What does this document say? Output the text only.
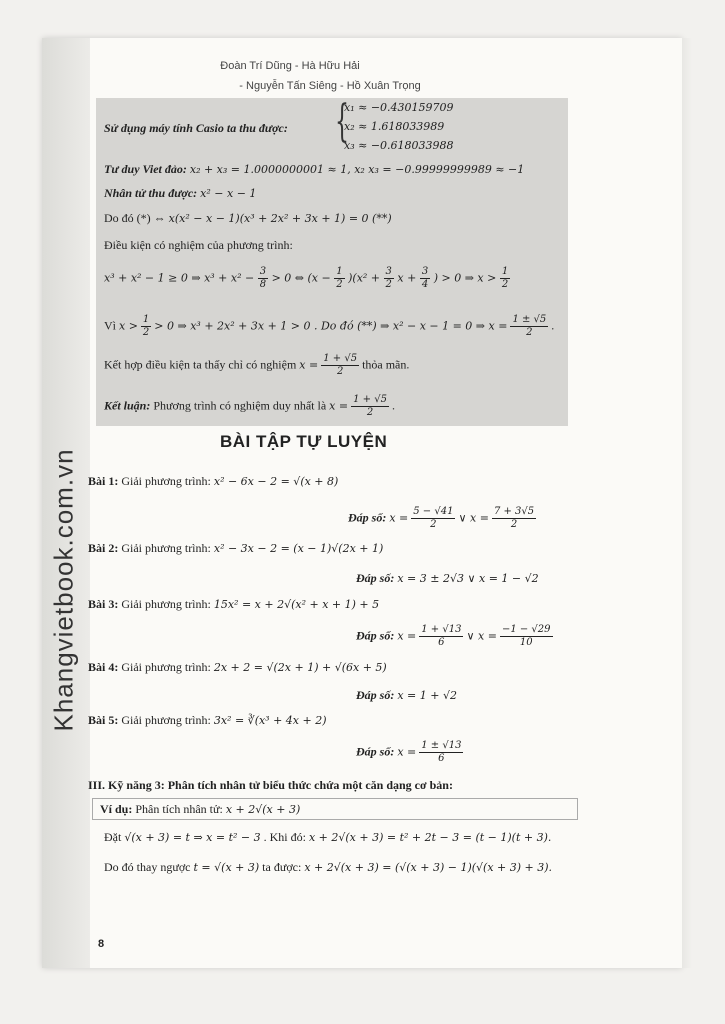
Khangvietbook.com.vn
Đoàn Trí Dũng - Hà Hữu Hải
- Nguyễn Tấn Siêng - Hồ Xuân Trọng
Sử dụng máy tính Casio ta thu được: {
x₁ ≈ −0.430159709
x₂ ≈ 1.618033989
x₃ ≈ −0.618033988
Tư duy Viet đảo: x₂ + x₃ = 1.0000000001 ≈ 1, x₂ x₃ = −0.99999999989 ≈ −1
Nhân tử thu được: x² − x − 1
Do đó (*) ⇔ x(x² − x − 1)(x³ + 2x² + 3x + 1) = 0 (**)
Điều kiện có nghiệm của phương trình:
x³ + x² − 1 ≥ 0 ⇒ $x^3 + x^2 - \frac{3}{8} > 0$ ⇔ $(x - \frac{1}{2} )(x^2 + \frac{3}{2}$ $x + \frac{3}{4}$ ) > 0 ⇒ $x > \frac{1}{2}$
Vì $x > \frac{1}{2} > 0$ ⇒ x³ + 2x² + 3x + 1 > 0 . Do đó (**) ⇒ x² − x − 1 = 0 ⇒ $x = \frac{1 \pm √5}{2}$ .
Kết hợp điều kiện ta thấy chỉ có nghiệm $x = \frac{1 + √5}{2}$ thỏa mãn.
Kết luận: Phương trình có nghiệm duy nhất là $x = \frac{1 + √5}{2}$ .
BÀI TẬP TỰ LUYỆN
Bài 1: Giải phương trình: x² − 6x − 2 = √(x + 8)
Đáp số: $x = \frac{5 - √41}{2}$ ∨ $x = \frac{7 + 3√5}{2}$
Bài 2: Giải phương trình: x² − 3x − 2 = (x − 1)√(2x + 1)
Đáp số: x = 3 ± 2√3 ∨ x = 1 − √2
Bài 3: Giải phương trình: 15x² = x + 2√(x² + x + 1) + 5
Đáp số: $x = \frac{1 + √13}{6}$ ∨ $x = \frac{-1 - √29}{10}$
Bài 4: Giải phương trình: 2x + 2 = √(2x + 1) + √(6x + 5)
Đáp số: x = 1 + √2
Bài 5: Giải phương trình: 3x² = ∛(x³ + 4x + 2)
Đáp số: $x = \frac{1 \pm √13}{6}$
III. Kỹ năng 3: Phân tích nhân tử biểu thức chứa một căn dạng cơ bản:
Ví dụ: Phân tích nhân tử: x + 2√(x + 3)
Đặt √(x + 3) = t ⇒ x = t² − 3 . Khi đó: x + 2√(x + 3) = t² + 2t − 3 = (t − 1)(t + 3).
Do đó thay ngược t = √(x + 3) ta được: x + 2√(x + 3) = (√(x + 3) − 1)(√(x + 3) + 3).
8
